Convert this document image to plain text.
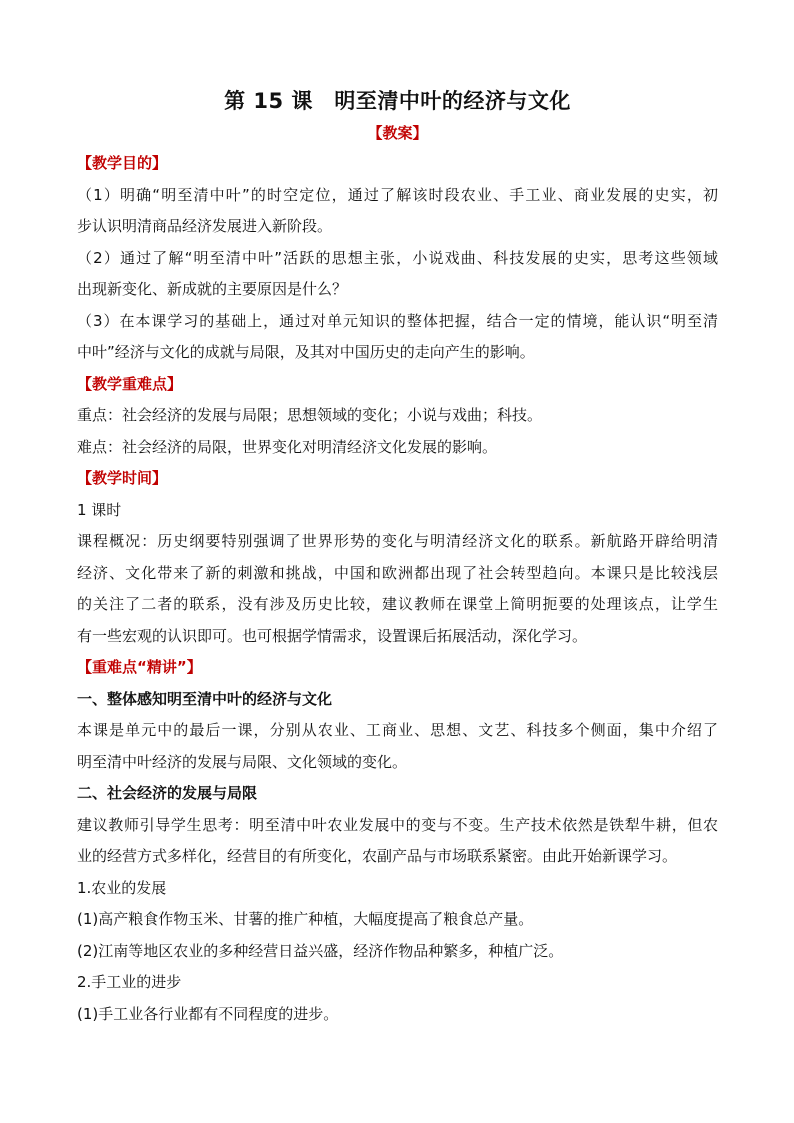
第 15 课　明至清中叶的经济与文化
【教案】

【教学目的】

（1）明确“明至清中叶”的时空定位，通过了解该时段农业、手工业、商业发展的史实，初

步认识明清商品经济发展进入新阶段。

（2）通过了解“明至清中叶”活跃的思想主张，小说戏曲、科技发展的史实，思考这些领域

出现新变化、新成就的主要原因是什么？

（3）在本课学习的基础上，通过对单元知识的整体把握，结合一定的情境，能认识“明至清

中叶”经济与文化的成就与局限，及其对中国历史的走向产生的影响。

【教学重难点】

重点：社会经济的发展与局限；思想领域的变化；小说与戏曲；科技。

难点：社会经济的局限，世界变化对明清经济文化发展的影响。

【教学时间】

1 课时

课程概况：历史纲要特别强调了世界形势的变化与明清经济文化的联系。新航路开辟给明清

经济、文化带来了新的刺激和挑战，中国和欧洲都出现了社会转型趋向。本课只是比较浅层

的关注了二者的联系，没有涉及历史比较，建议教师在课堂上简明扼要的处理该点，让学生

有一些宏观的认识即可。也可根据学情需求，设置课后拓展活动，深化学习。

【重难点“精讲”】

一、整体感知明至清中叶的经济与文化

本课是单元中的最后一课，分别从农业、工商业、思想、文艺、科技多个侧面，集中介绍了

明至清中叶经济的发展与局限、文化领域的变化。

二、社会经济的发展与局限

建议教师引导学生思考：明至清中叶农业发展中的变与不变。生产技术依然是铁犁牛耕，但农

业的经营方式多样化，经营目的有所变化，农副产品与市场联系紧密。由此开始新课学习。

1.农业的发展

(1)高产粮食作物玉米、甘薯的推广种植，大幅度提高了粮食总产量。

(2)江南等地区农业的多种经营日益兴盛，经济作物品种繁多，种植广泛。

2.手工业的进步

(1)手工业各行业都有不同程度的进步。
